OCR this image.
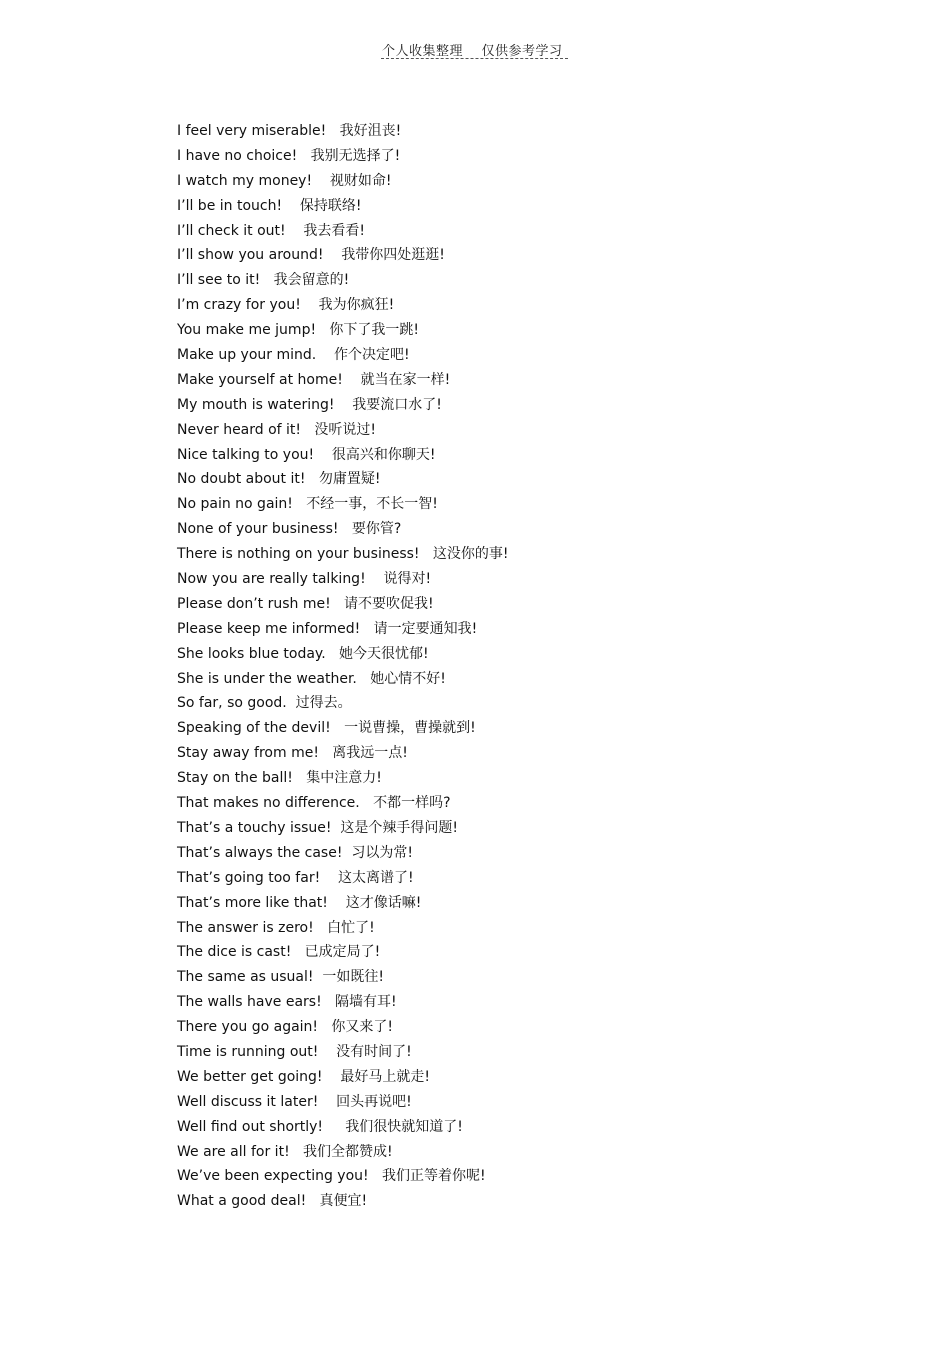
个人收集整理    仅供参考学习
I feel very miserable!   我好沮丧!
I have no choice!   我别无选择了!
I watch my money!    视财如命!
I’ll be in touch!    保持联络!
I’ll check it out!    我去看看!
I’ll show you around!    我带你四处逛逛!
I’ll see to it!   我会留意的!
I’m crazy for you!    我为你疯狂!
You make me jump!   你下了我一跳!
Make up your mind.    作个决定吧!
Make yourself at home!    就当在家一样!
My mouth is watering!    我要流口水了!
Never heard of it!   没听说过!
Nice talking to you!    很高兴和你聊天!
No doubt about it!   勿庸置疑!
No pain no gain!   不经一事，不长一智!
None of your business!   要你管?
There is nothing on your business!   这没你的事!
Now you are really talking!    说得对!
Please don’t rush me!   请不要吹促我!
Please keep me informed!   请一定要通知我!
She looks blue today.   她今天很忧郁!
She is under the weather.   她心情不好!
So far, so good.  过得去。
Speaking of the devil!   一说曹操，曹操就到!
Stay away from me!   离我远一点!
Stay on the ball!   集中注意力!
That makes no difference.   不都一样吗?
That’s a touchy issue!  这是个辣手得问题!
That’s always the case!  习以为常!
That’s going too far!    这太离谱了!
That’s more like that!    这才像话嘛!
The answer is zero!   白忙了!
The dice is cast!   已成定局了!
The same as usual!  一如既往!
The walls have ears!   隔墙有耳!
There you go again!   你又来了!
Time is running out!    没有时间了!
We better get going!    最好马上就走!
Well discuss it later!    回头再说吧!
Well find out shortly!     我们很快就知道了!
We are all for it!   我们全都赞成!
We’ve been expecting you!   我们正等着你呢!
What a good deal!   真便宜!
